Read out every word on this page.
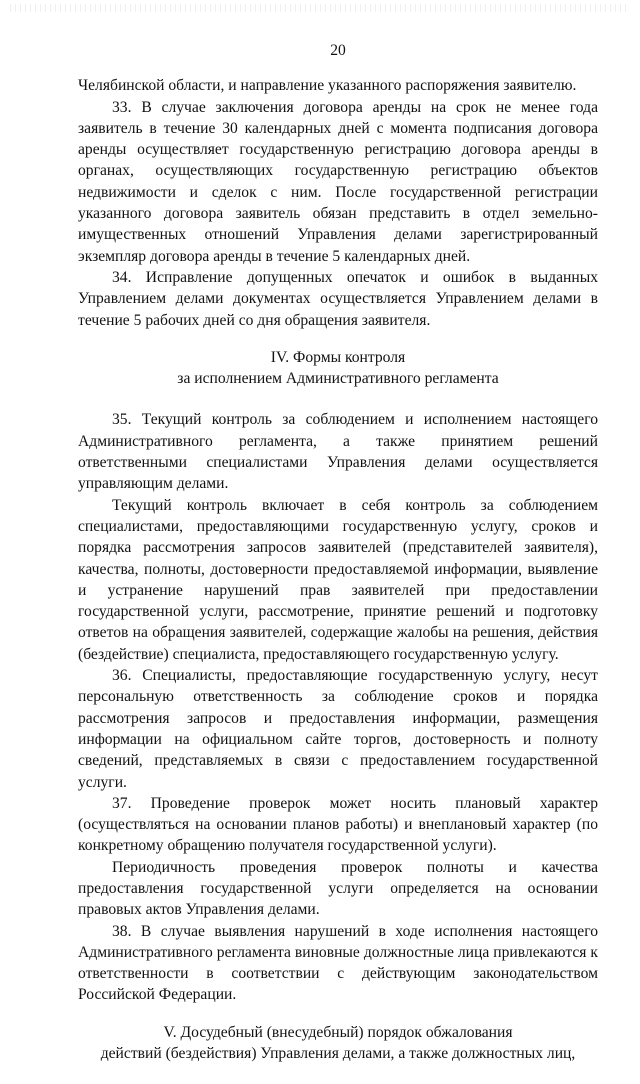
20

Челябинской области, и направление указанного распоряжения заявителю.

33. В случае заключения договора аренды на срок не менее года заявитель в течение 30 календарных дней с момента подписания договора аренды осуществляет государственную регистрацию договора аренды в органах, осуществляющих государственную регистрацию объектов недвижимости и сделок с ним. После государственной регистрации указанного договора заявитель обязан представить в отдел земельно-имущественных отношений Управления делами зарегистрированный экземпляр договора аренды в течение 5 календарных дней.

34. Исправление допущенных опечаток и ошибок в выданных Управлением делами документах осуществляется Управлением делами в течение 5 рабочих дней со дня обращения заявителя.

IV. Формы контроля
за исполнением Административного регламента

35. Текущий контроль за соблюдением и исполнением настоящего Административного регламента, а также принятием решений ответственными специалистами Управления делами осуществляется управляющим делами.

Текущий контроль включает в себя контроль за соблюдением специалистами, предоставляющими государственную услугу, сроков и порядка рассмотрения запросов заявителей (представителей заявителя), качества, полноты, достоверности предоставляемой информации, выявление и устранение нарушений прав заявителей при предоставлении государственной услуги, рассмотрение, принятие решений и подготовку ответов на обращения заявителей, содержащие жалобы на решения, действия (бездействие) специалиста, предоставляющего государственную услугу.

36. Специалисты, предоставляющие государственную услугу, несут персональную ответственность за соблюдение сроков и порядка рассмотрения запросов и предоставления информации, размещения информации на официальном сайте торгов, достоверность и полноту сведений, представляемых в связи с предоставлением государственной услуги.

37. Проведение проверок может носить плановый характер (осуществляться на основании планов работы) и внеплановый характер (по конкретному обращению получателя государственной услуги).

Периодичность проведения проверок полноты и качества предоставления государственной услуги определяется на основании правовых актов Управления делами.

38. В случае выявления нарушений в ходе исполнения настоящего Административного регламента виновные должностные лица привлекаются к ответственности в соответствии с действующим законодательством Российской Федерации.

V. Досудебный (внесудебный) порядок обжалования
действий (бездействия) Управления делами, а также должностных лиц,
